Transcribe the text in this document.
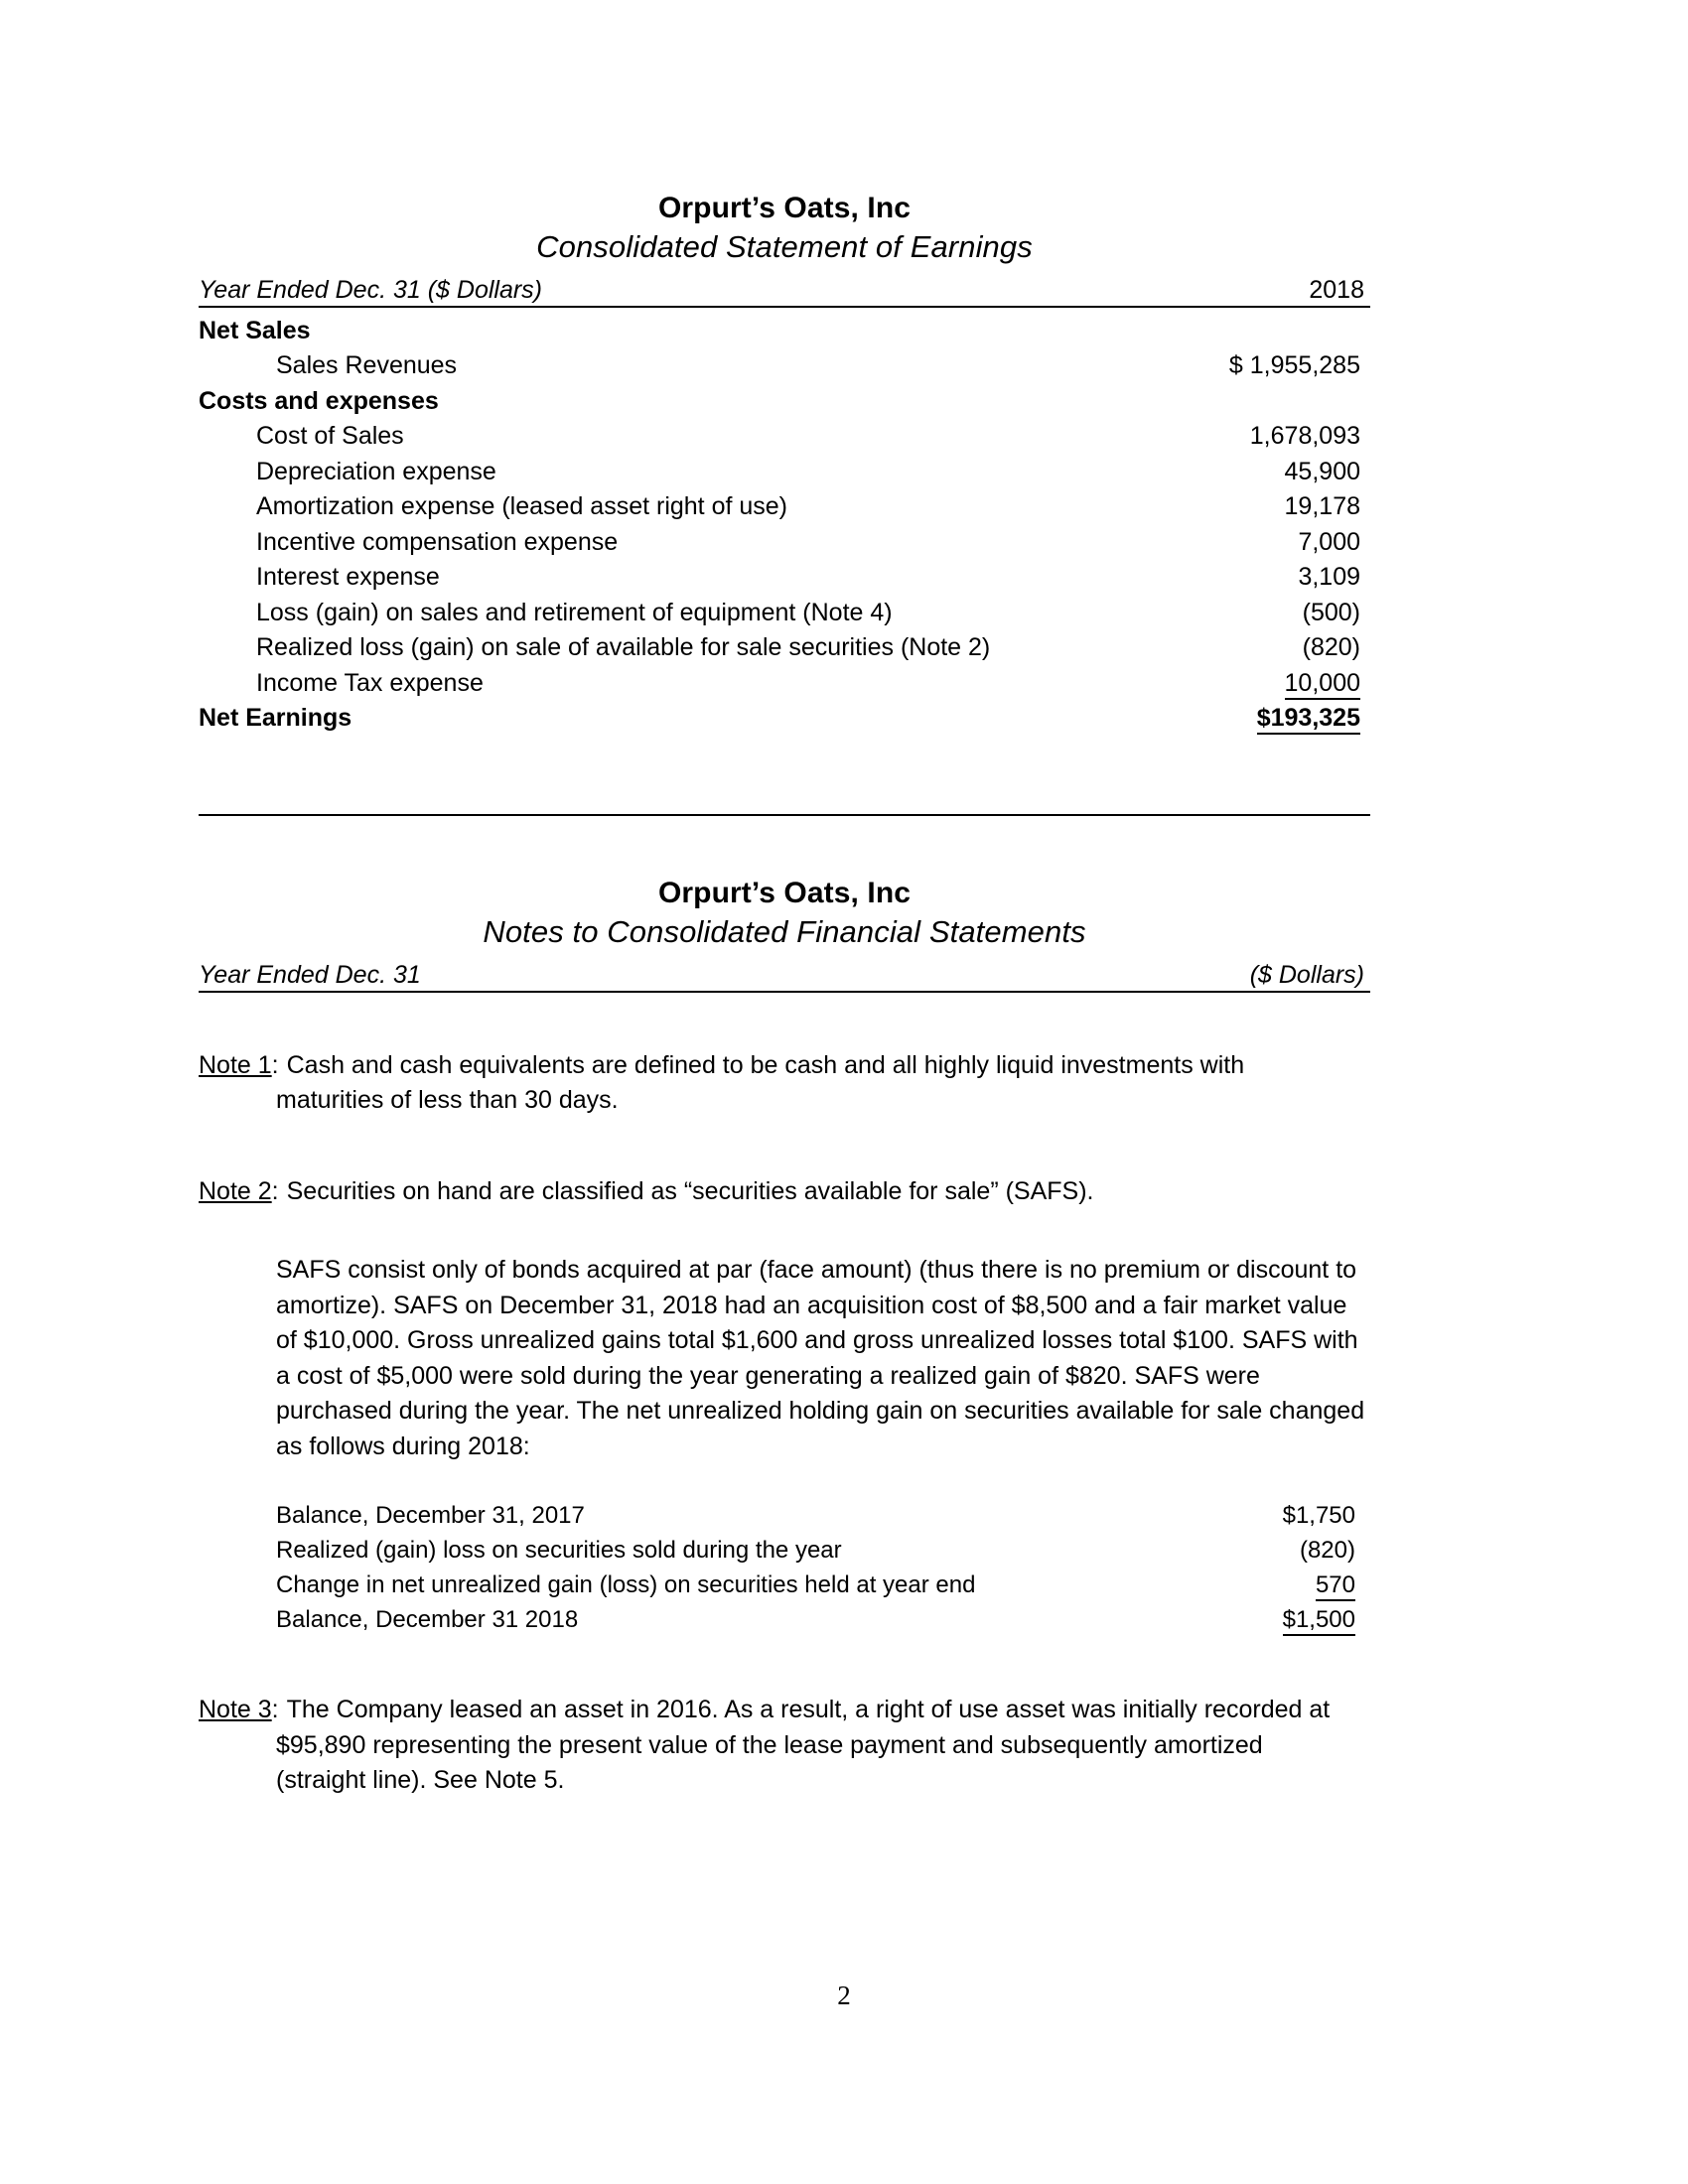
Orpurt’s Oats, Inc
Consolidated Statement of Earnings
Year Ended Dec. 31 ($ Dollars)	2018
Net Sales
Sales Revenues	$ 1,955,285
Costs and expenses
Cost of Sales	1,678,093
Depreciation expense	45,900
Amortization expense (leased asset right of use)	19,178
Incentive compensation expense	7,000
Interest expense	3,109
Loss (gain) on sales and retirement of equipment (Note 4)	(500)
Realized loss (gain) on sale of available for sale securities (Note 2)	(820)
Income Tax expense	10,000
Net Earnings	$193,325
Orpurt’s Oats, Inc
Notes to Consolidated Financial Statements
Year Ended Dec. 31	($ Dollars)
Note 1: Cash and cash equivalents are defined to be cash and all highly liquid investments with
maturities of less than 30 days.
Note 2: Securities on hand are classified as “securities available for sale” (SAFS).
SAFS consist only of bonds acquired at par (face amount) (thus there is no premium or discount to amortize). SAFS on December 31, 2018 had an acquisition cost of $8,500 and a fair market value of $10,000. Gross unrealized gains total $1,600 and gross unrealized losses total $100. SAFS with a cost of $5,000 were sold during the year generating a realized gain of $820. SAFS were purchased during the year. The net unrealized holding gain on securities available for sale changed as follows during 2018:
Balance, December 31, 2017	$1,750
Realized (gain) loss on securities sold during the year	(820)
Change in net unrealized gain (loss) on securities held at year end	570
Balance, December 31 2018	$1,500
Note 3: The Company leased an asset in 2016. As a result, a right of use asset was initially recorded at
$95,890 representing the present value of the lease payment and subsequently amortized
(straight line). See Note 5.
2
